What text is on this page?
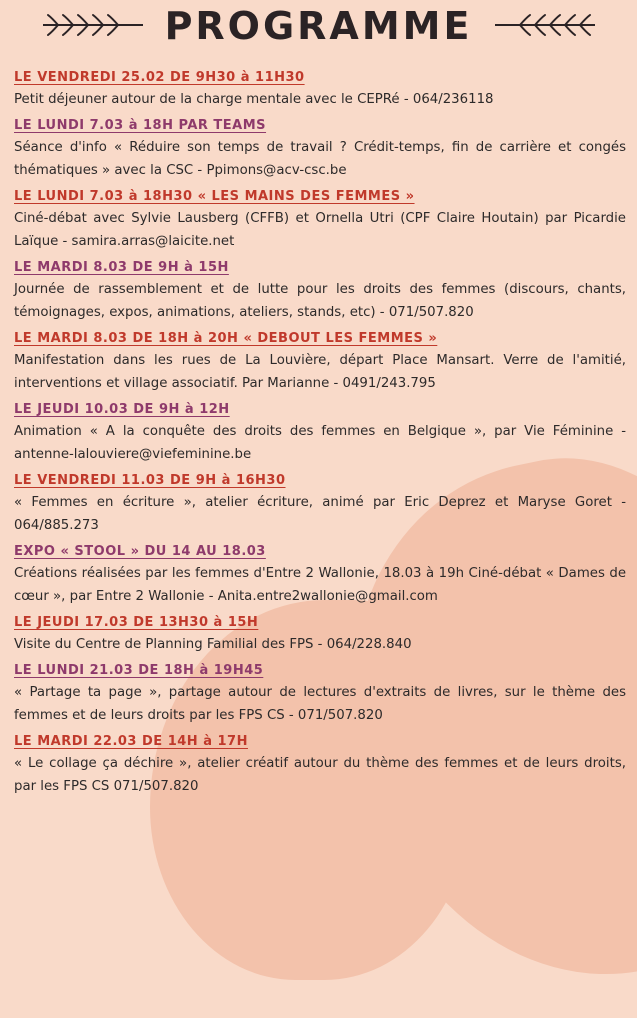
PROGRAMME
LE VENDREDI 25.02 DE 9H30 à 11H30
Petit déjeuner autour de la charge mentale avec le CEPRé - 064/236118
LE LUNDI 7.03 à 18H PAR TEAMS
Séance d'info « Réduire son temps de travail ? Crédit-temps, fin de carrière et congés thématiques » avec la CSC - Ppimons@acv-csc.be
LE LUNDI 7.03 à 18H30 « LES MAINS DES FEMMES »
Ciné-débat avec Sylvie Lausberg (CFFB) et Ornella Utri (CPF Claire Houtain) par Picardie Laïque - samira.arras@laicite.net
LE MARDI 8.03 DE 9H à 15H
Journée de rassemblement et de lutte pour les droits des femmes (discours, chants, témoignages, expos, animations, ateliers, stands, etc) - 071/507.820
LE MARDI 8.03 DE 18H à 20H « DEBOUT LES FEMMES »
Manifestation dans les rues de La Louvière, départ Place Mansart. Verre de l'amitié, interventions et village associatif. Par Marianne - 0491/243.795
LE JEUDI 10.03 DE 9H à 12H
Animation « A la conquête des droits des femmes en Belgique », par Vie Féminine - antenne-lalouviere@viefeminine.be
LE VENDREDI 11.03 DE 9H à 16H30
« Femmes en écriture », atelier écriture, animé par Eric Deprez et Maryse Goret - 064/885.273
EXPO « STOOL » DU 14 AU 18.03
Créations réalisées par les femmes d'Entre 2 Wallonie, 18.03 à 19h Ciné-débat « Dames de cœur », par Entre 2 Wallonie - Anita.entre2wallonie@gmail.com
LE JEUDI 17.03 DE 13H30 à 15H
Visite du Centre de Planning Familial des FPS - 064/228.840
LE LUNDI 21.03 DE 18H à 19H45
« Partage ta page », partage autour de lectures d'extraits de livres, sur le thème des femmes et de leurs droits par les FPS CS - 071/507.820
LE MARDI 22.03 DE 14H à 17H
« Le collage ça déchire », atelier créatif autour du thème des femmes et de leurs droits, par les FPS CS 071/507.820
